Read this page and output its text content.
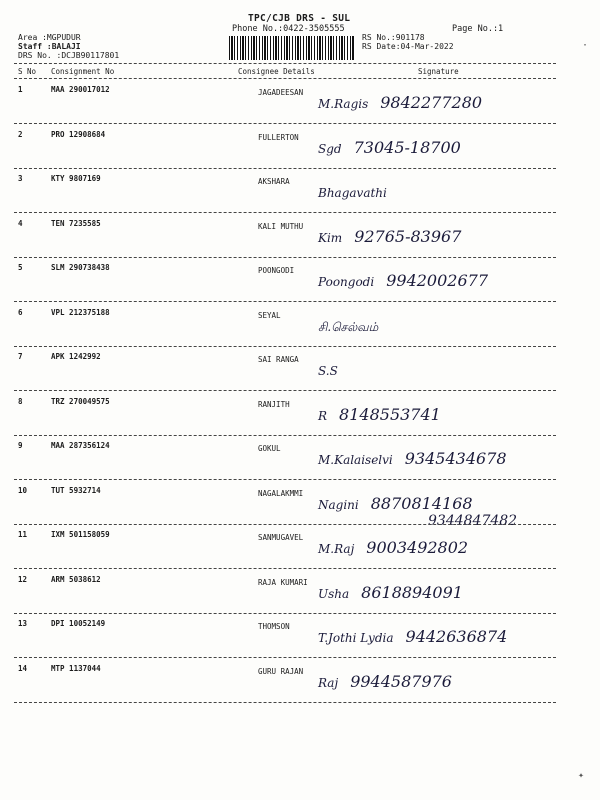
TPC/CJB DRS - SUL
Phone No.:0422-3505555	Page No.:1
Area :MGPUDUR
Staff :BALAJI
DRS No. :DCJB90117801
RS No.:901178
RS Date:04-Mar-2022
S No Consignment No	Consignee Details	Signature
1	MAA 290017012	JAGADEESAN
M.Ragis 9842277280
2	PRO 12908684	FULLERTON
Sgd 73045-18700
3	KTY 9807169	AKSHARA
Bhagavathi
4	TEN 7235585	KALI MUTHU
Kim 92765-83967
5	SLM 290738438	POONGODI
Poongodi 9942002677
6	VPL 212375188	SEYAL
சி.செல்வம்
7	APK 1242992	SAI RANGA
S.S
8	TRZ 270049575	RANJITH
R 8148553741
9	MAA 287356124	GOKUL
M.Kalaiselvi 9345434678
10	TUT 5932714	NAGALAKMMI
Nagini 8870814168
9344847482
11	IXM 501158059	SANMUGAVEL
M.Raj 9003492802
12	ARM 5038612	RAJA KUMARI
Usha 8618894091
13	DPI 10052149	THOMSON
T.Jothi Lydia 9442636874
14	MTP 1137044	GURU RAJAN
Raj 9944587976
·
✦
